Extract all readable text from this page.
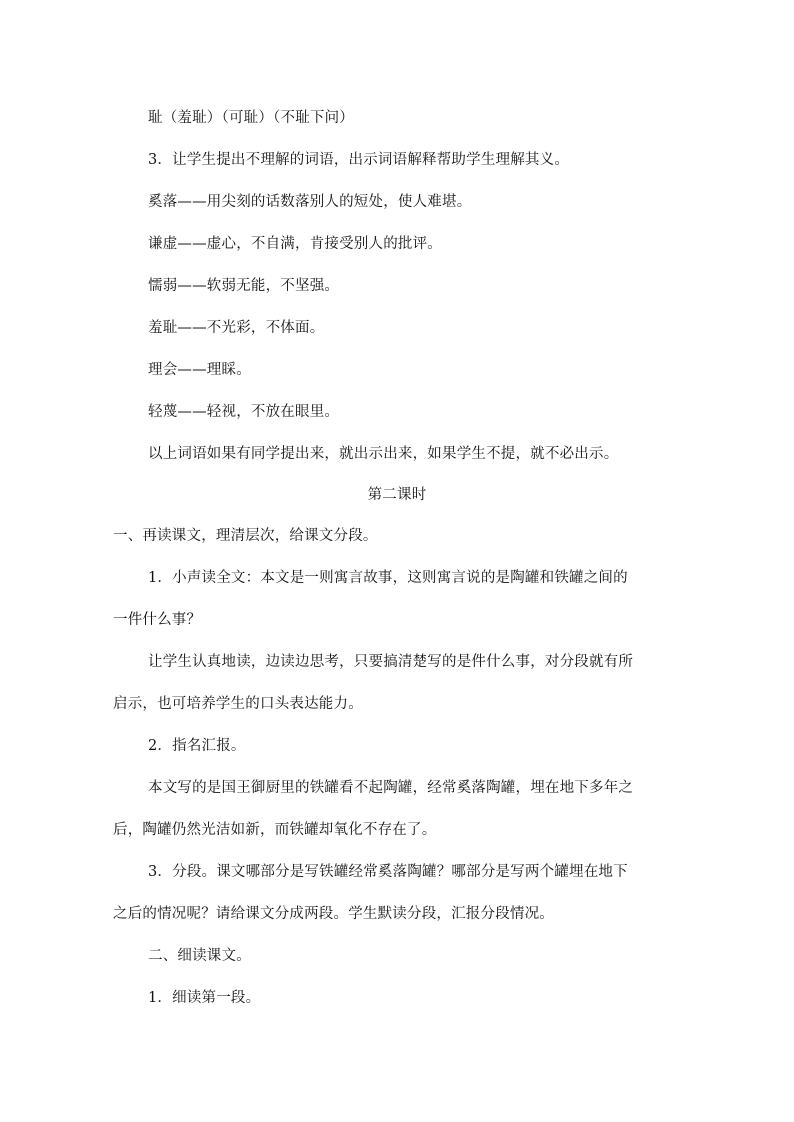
耻（羞耻）（可耻）（不耻下问）
3．让学生提出不理解的词语，出示词语解释帮助学生理解其义。
奚落——用尖刻的话数落别人的短处，使人难堪。
谦虚——虚心，不自满，肯接受别人的批评。
懦弱——软弱无能，不坚强。
羞耻——不光彩，不体面。
理会——理睬。
轻蔑——轻视，不放在眼里。
以上词语如果有同学提出来，就出示出来，如果学生不提，就不必出示。
第二课时
一、再读课文，理清层次，给课文分段。
1．小声读全文：本文是一则寓言故事，这则寓言说的是陶罐和铁罐之间的
一件什么事？
让学生认真地读，边读边思考，只要搞清楚写的是件什么事，对分段就有所
启示，也可培养学生的口头表达能力。
2．指名汇报。
本文写的是国王御厨里的铁罐看不起陶罐，经常奚落陶罐，埋在地下多年之
后，陶罐仍然光洁如新，而铁罐却氧化不存在了。
3．分段。课文哪部分是写铁罐经常奚落陶罐？哪部分是写两个罐埋在地下
之后的情况呢？请给课文分成两段。学生默读分段，汇报分段情况。
二、细读课文。
1．细读第一段。
